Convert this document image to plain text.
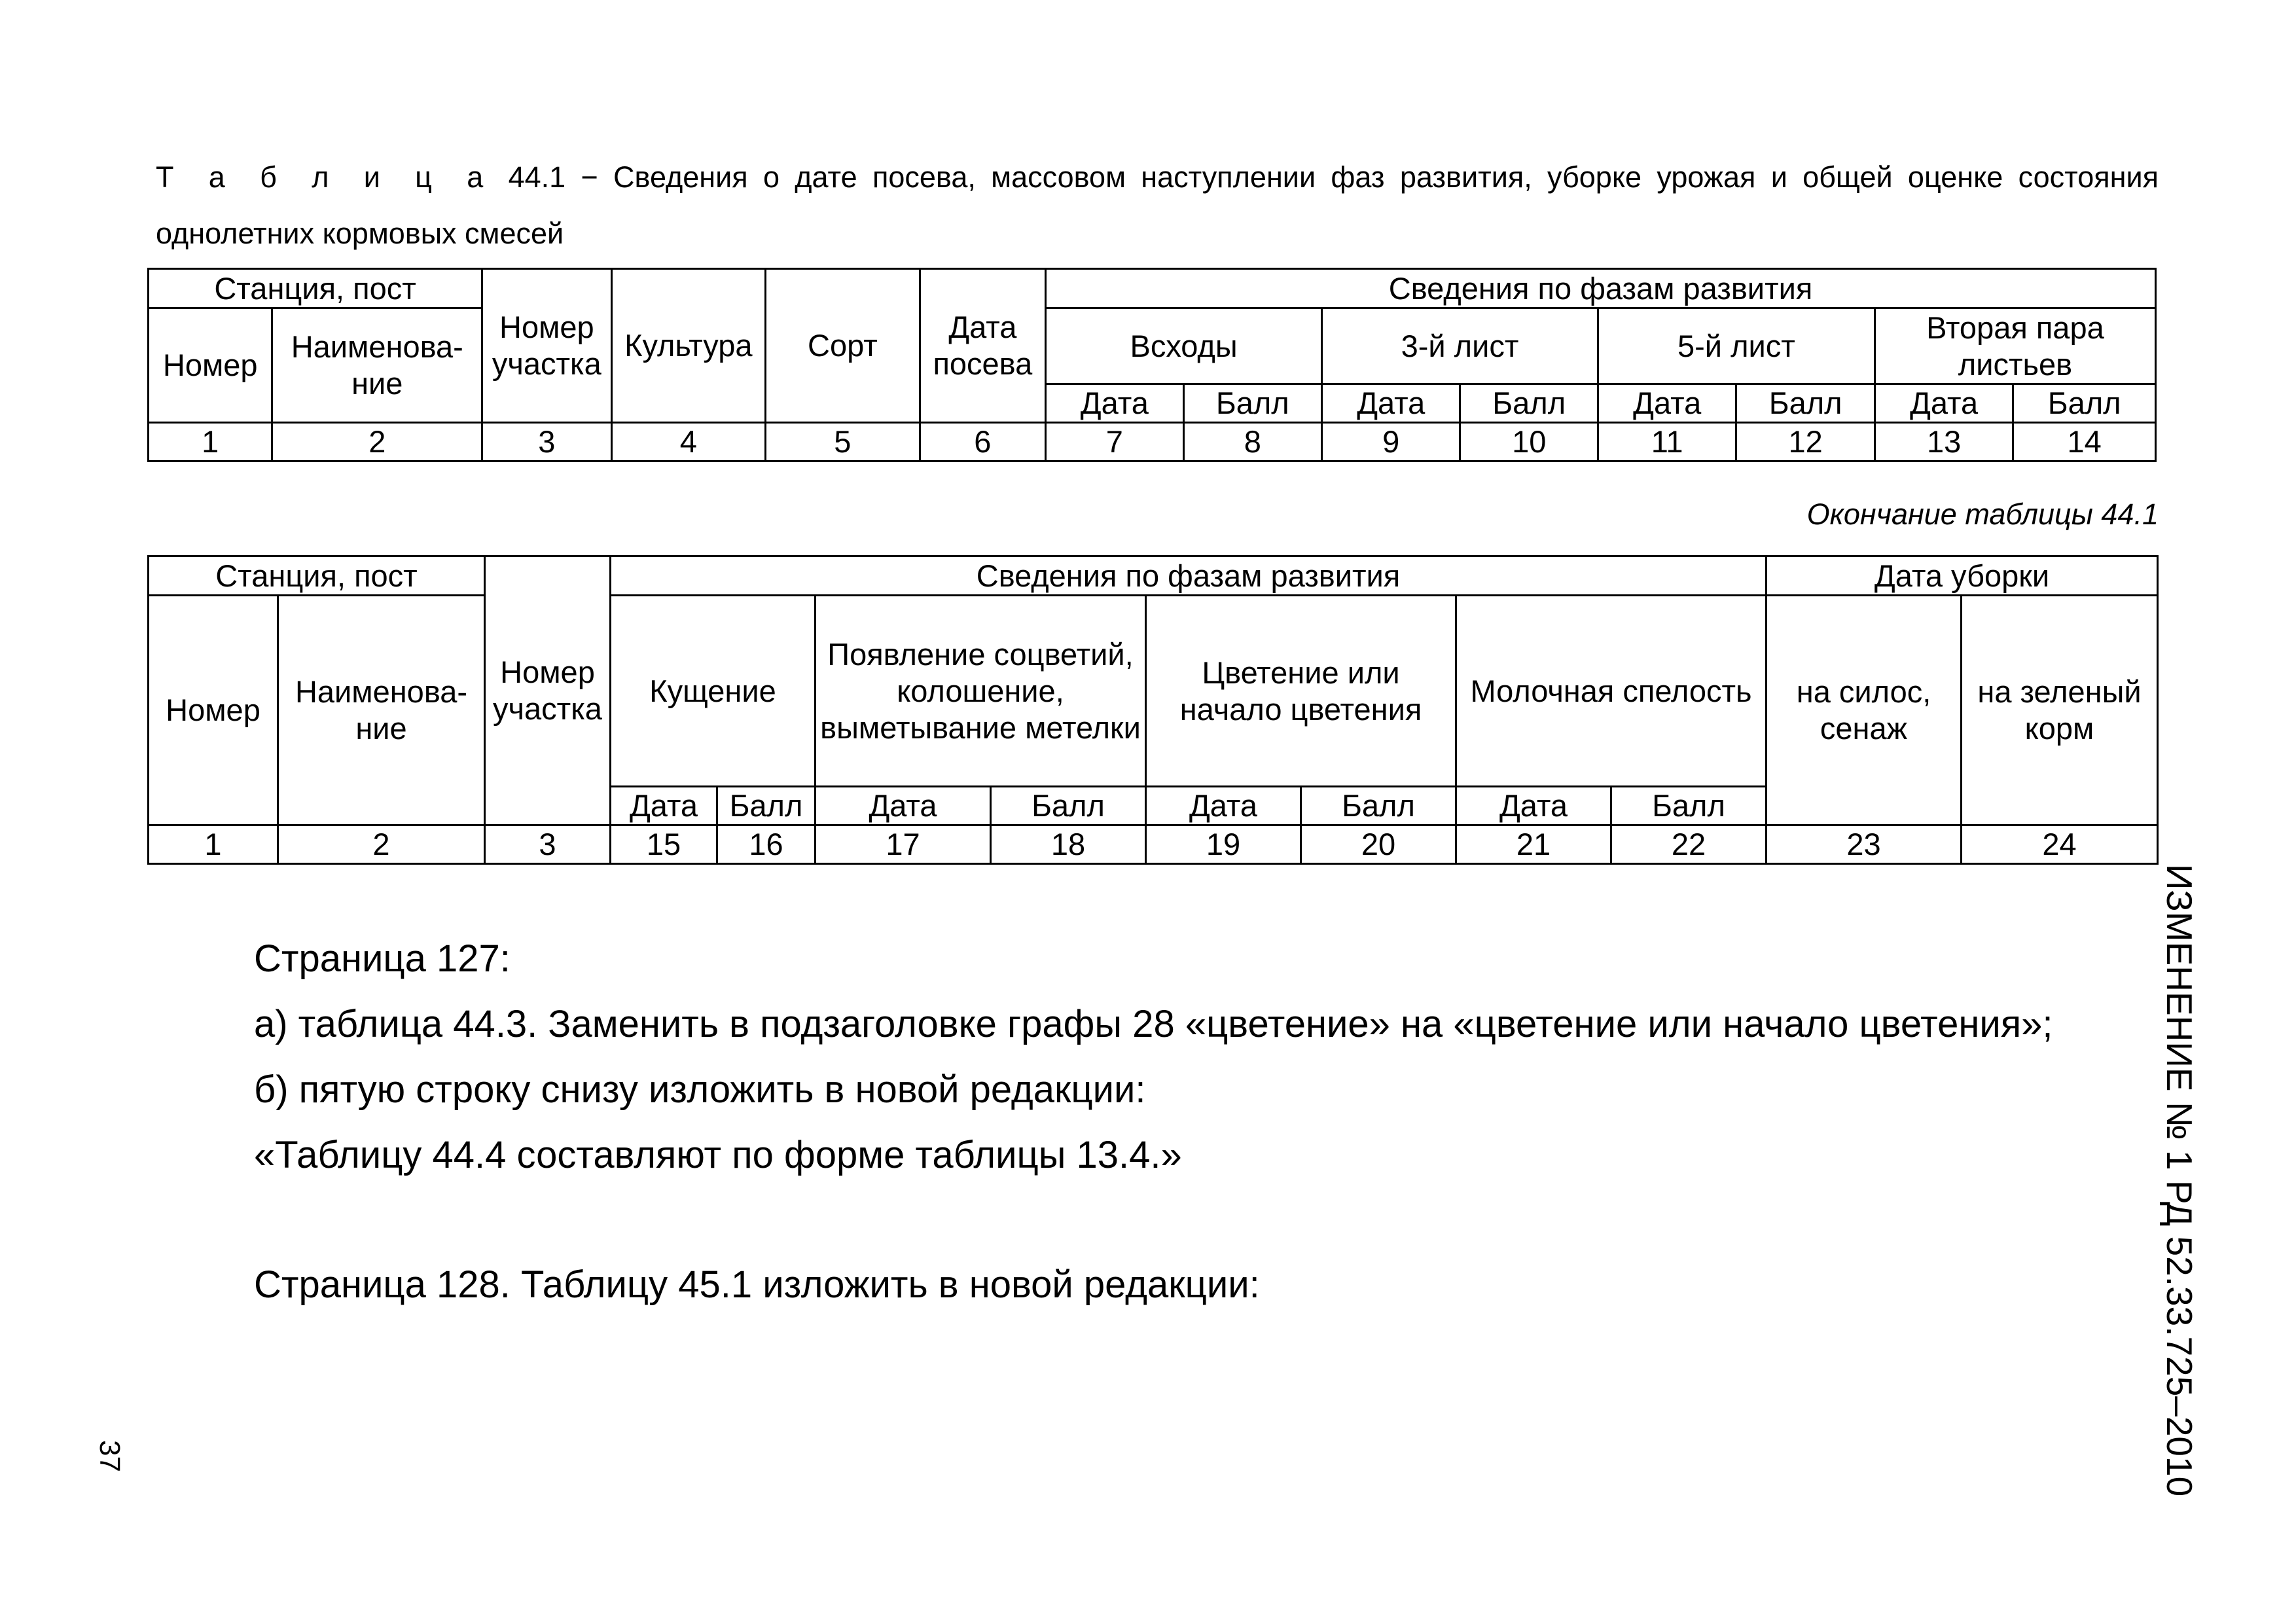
Т а б л и ц а 44.1 − Сведения о дате посева, массовом наступлении фаз развития, уборке урожая и общей оценке состояния однолетних кормовых смесей

Станция, пост		Номер участка	Культура	Сорт	Дата посева	Сведения по фазам развития							
Номер	Наименова-ние					Всходы		3-й лист		5-й лист		Вторая пара листьев	
						Дата	Балл	Дата	Балл	Дата	Балл	Дата	Балл
1	2	3	4	5	6	7	8	9	10	11	12	13	14

Окончание таблицы 44.1

Станция, пост		Номер участка	Сведения по фазам развития								Дата уборки	
Номер	Наименова-ние		Кущение		Появление соцветий, колошение, выметывание метелки		Цветение или начало цветения		Молочная спелость		на силос, сенаж	на зеленый корм
			Дата	Балл	Дата	Балл	Дата	Балл	Дата	Балл		
1	2	3	15	16	17	18	19	20	21	22	23	24

Страница 127:

а) таблица 44.3. Заменить в подзаголовке графы 28 «цветение» на «цветение или начало цветения»;

б) пятую строку снизу изложить в новой редакции:

«Таблицу 44.4 составляют по форме таблицы 13.4.»

Страница 128. Таблицу 45.1 изложить в новой редакции:	ИЗМЕНЕНИЕ № 1 РД 52.33.725–2010

37
